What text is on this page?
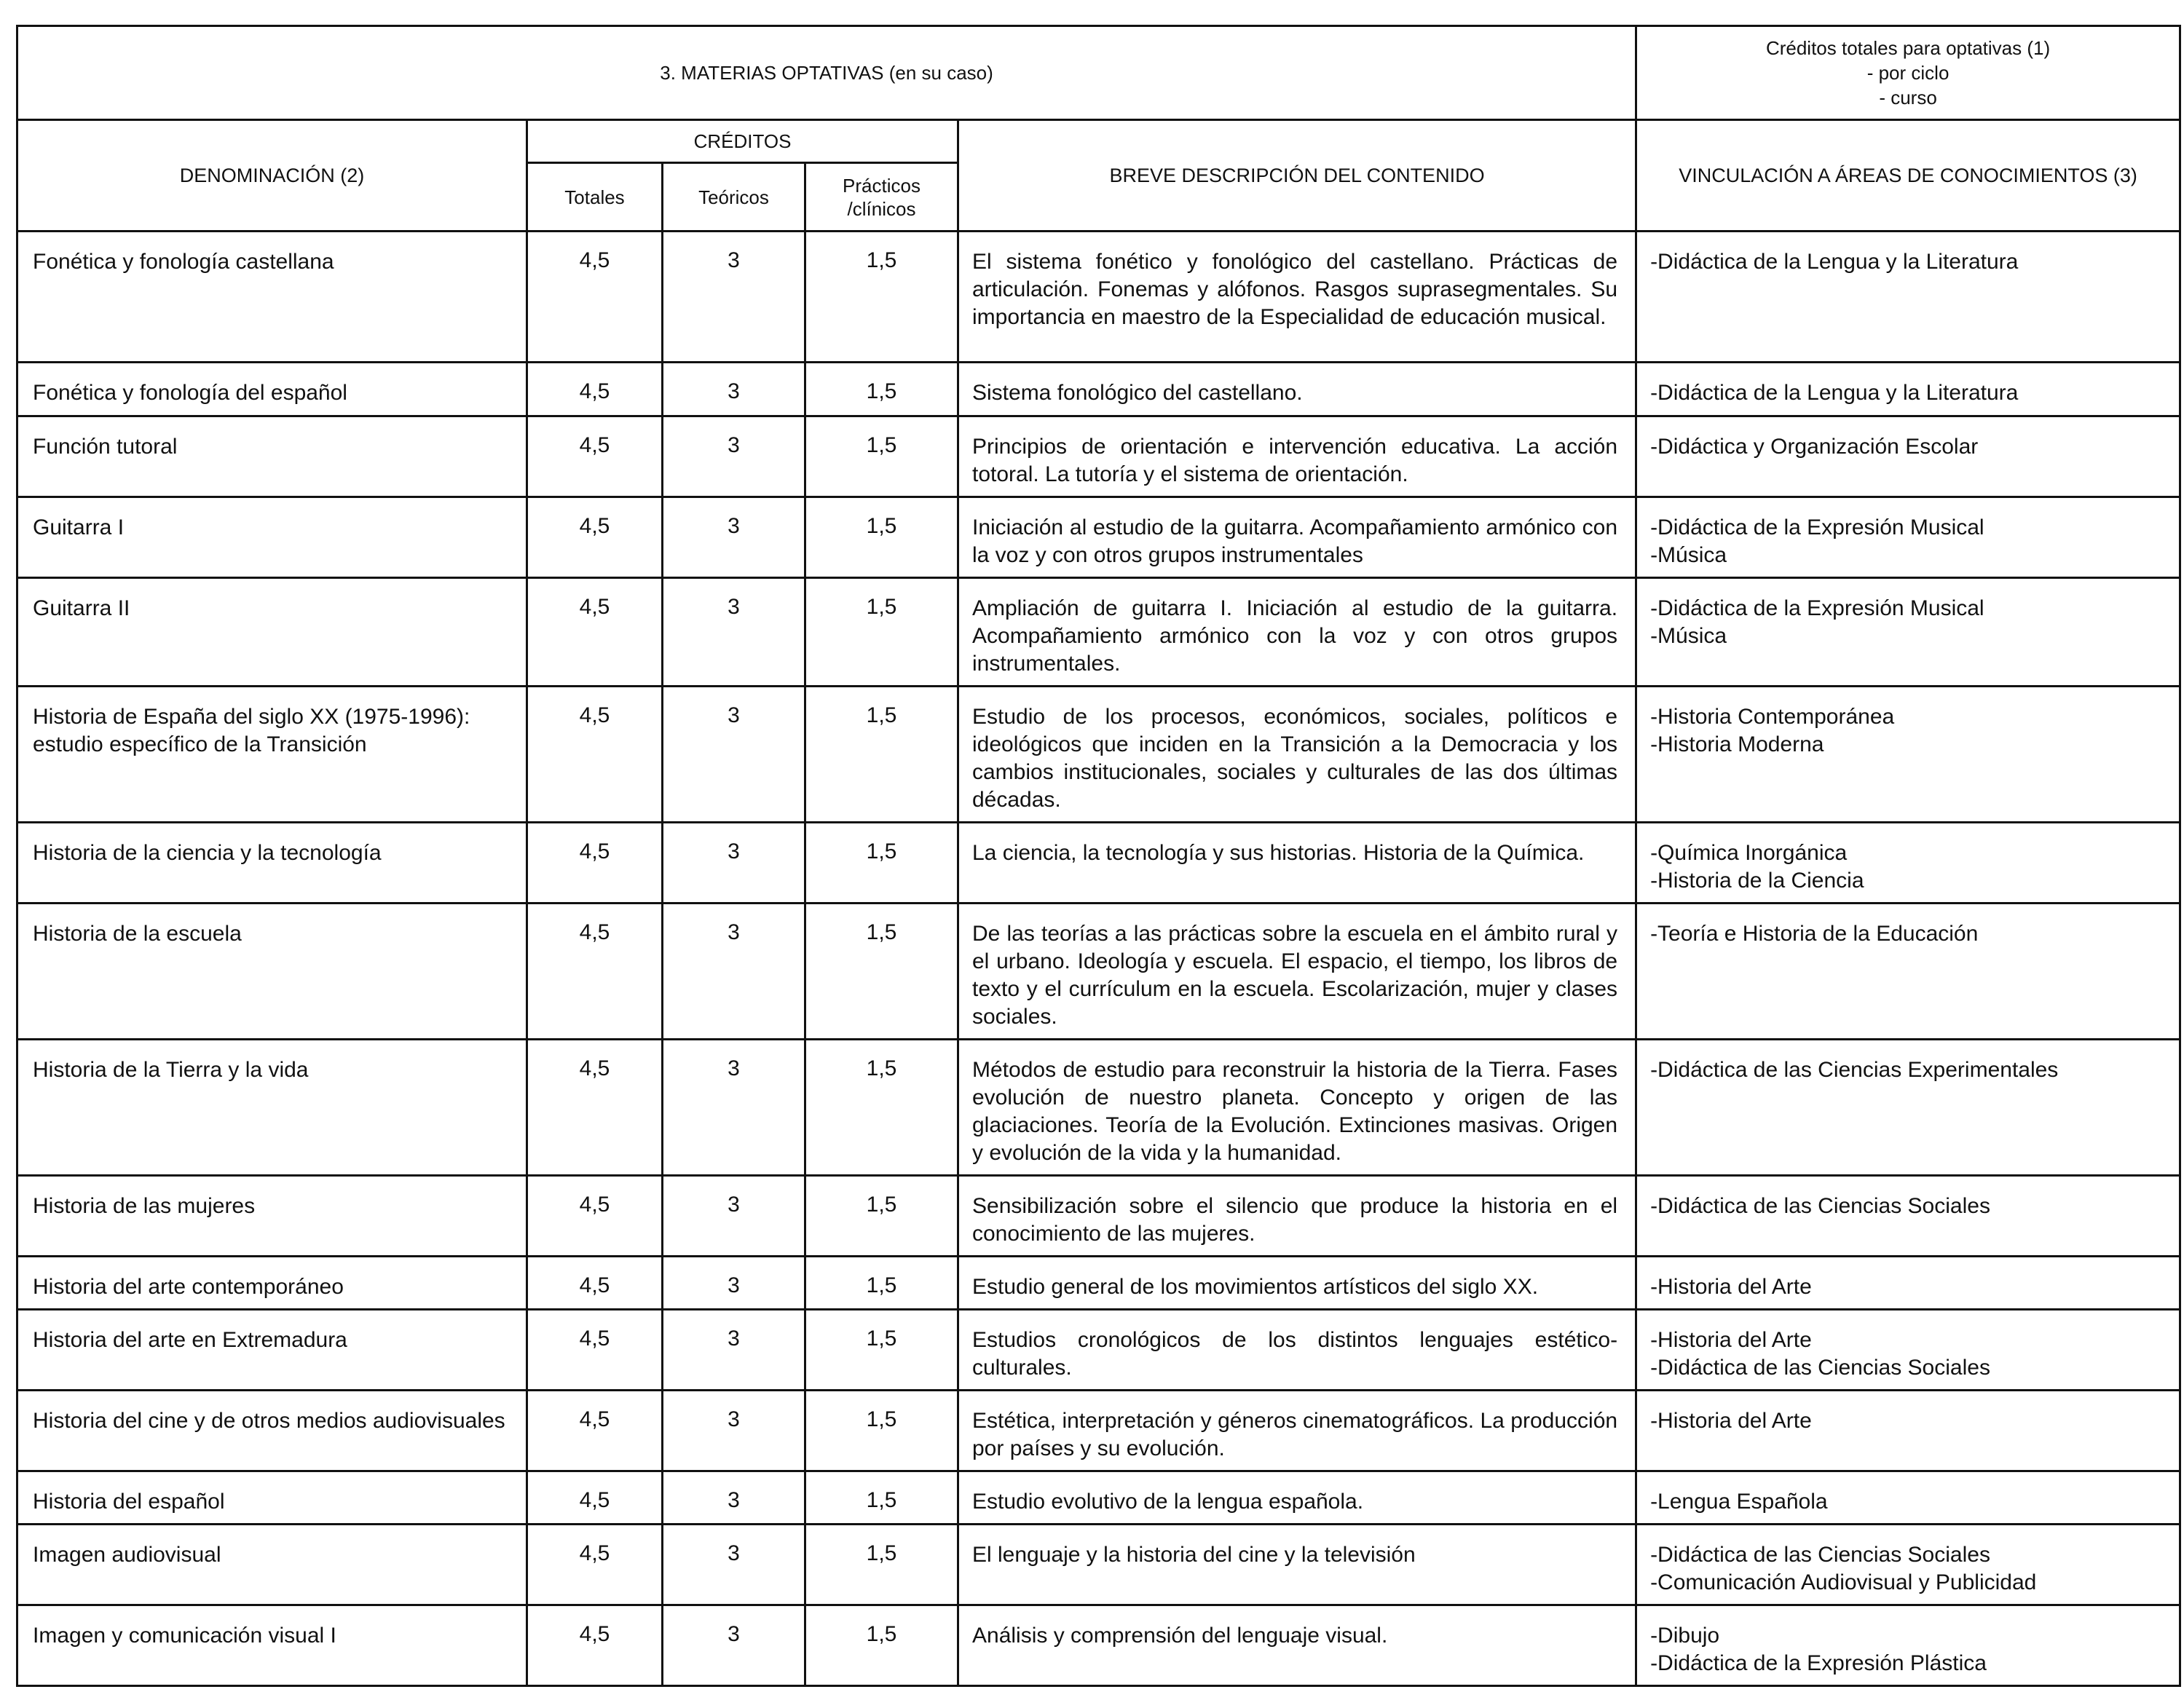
3. MATERIAS OPTATIVAS (en su caso)					Créditos totales para optativas (1)
- por ciclo
- curso

DENOMINACIÓN (2)	CRÉDITOS			BREVE DESCRIPCIÓN DEL CONTENIDO	VINCULACIÓN A ÁREAS DE CONOCIMIENTOS (3)
	Totales	Teóricos	Prácticos /clínicos		
Fonética y fonología castellana	4,5	3	1,5	El sistema fonético y fonológico del castellano. Prácticas de articulación. Fonemas y alófonos. Rasgos suprasegmentales. Su importancia en maestro de la Especialidad de educación musical.	-Didáctica de la Lengua y la Literatura

Fonética y fonología del español	4,5	3	1,5	Sistema fonológico del castellano.	-Didáctica de la Lengua y la Literatura

Función tutoral	4,5	3	1,5	Principios de orientación e intervención educativa. La acción totoral. La tutoría y el sistema de orientación.	-Didáctica y Organización Escolar

Guitarra I	4,5	3	1,5	Iniciación al estudio de la guitarra. Acompañamiento armónico con la voz y con otros grupos instrumentales	-Didáctica de la Expresión Musical
-Música

Guitarra II	4,5	3	1,5	Ampliación de guitarra I. Iniciación al estudio de la guitarra. Acompañamiento armónico con la voz y con otros grupos instrumentales.	-Didáctica de la Expresión Musical
-Música

Historia de España del siglo XX (1975-1996): estudio específico de la Transición	4,5	3	1,5	Estudio de los procesos, económicos, sociales, políticos e ideológicos que inciden en la Transición a la Democracia y los cambios institucionales, sociales y culturales de las dos últimas décadas.	-Historia Contemporánea
-Historia Moderna

Historia de la ciencia y la tecnología	4,5	3	1,5	La ciencia, la tecnología y sus historias. Historia de la Química.	-Química Inorgánica
-Historia de la Ciencia

Historia de la escuela	4,5	3	1,5	De las teorías a las prácticas sobre la escuela en el ámbito rural y el urbano. Ideología y escuela. El espacio, el tiempo, los libros de texto y el currículum en la escuela. Escolarización, mujer y clases sociales.	-Teoría e Historia de la Educación

Historia de la Tierra y la vida	4,5	3	1,5	Métodos de estudio para reconstruir la historia de la Tierra. Fases evolución de nuestro planeta. Concepto y origen de las glaciaciones. Teoría de la Evolución. Extinciones masivas. Origen y evolución de la vida y la humanidad.	-Didáctica de las Ciencias Experimentales

Historia de las mujeres	4,5	3	1,5	Sensibilización sobre el silencio que produce la historia en el conocimiento de las mujeres.	-Didáctica de las Ciencias Sociales

Historia del arte contemporáneo	4,5	3	1,5	Estudio general de los movimientos artísticos del siglo XX.	-Historia del Arte

Historia del arte en Extremadura	4,5	3	1,5	Estudios cronológicos de los distintos lenguajes estético-culturales.	-Historia del Arte
-Didáctica de las Ciencias Sociales

Historia del cine y de otros medios audiovisuales	4,5	3	1,5	Estética, interpretación y géneros cinematográficos. La producción por países y su evolución.	-Historia del Arte

Historia del español	4,5	3	1,5	Estudio evolutivo de la lengua española.	-Lengua Española

Imagen audiovisual	4,5	3	1,5	El lenguaje y la historia del cine y la televisión	-Didáctica de las Ciencias Sociales
-Comunicación Audiovisual y Publicidad

Imagen y comunicación visual I	4,5	3	1,5	Análisis y comprensión del lenguaje visual.	-Dibujo
-Didáctica de la Expresión Plástica
